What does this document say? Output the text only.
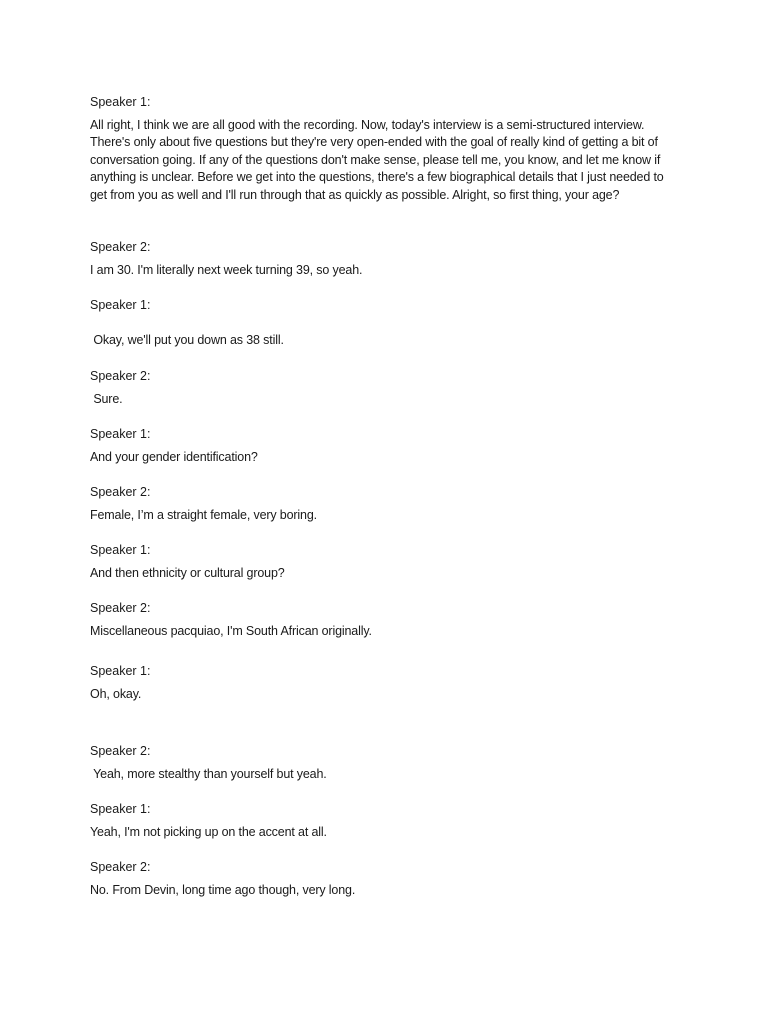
Speaker 1:

All right, I think we are all good with the recording. Now, today's interview is a semi-structured interview. There's only about five questions but they're very open-ended with the goal of really kind of getting a bit of conversation going. If any of the questions don't make sense, please tell me, you know, and let me know if anything is unclear. Before we get into the questions, there's a few biographical details that I just needed to get from you as well and I'll run through that as quickly as possible. Alright, so first thing, your age?

Speaker 2:

I am 30. I'm literally next week turning 39, so yeah.

Speaker 1:

Okay, we'll put you down as 38 still.

Speaker 2:

Sure.

Speaker 1:

And your gender identification?

Speaker 2:

Female, I’m a straight female, very boring.

Speaker 1:

And then ethnicity or cultural group?

Speaker 2:

Miscellaneous pacquiao, I'm South African originally.

Speaker 1:

Oh, okay.

Speaker 2:

Yeah, more stealthy than yourself but yeah.

Speaker 1:

Yeah, I'm not picking up on the accent at all.

Speaker 2:

No. From Devin, long time ago though, very long.
